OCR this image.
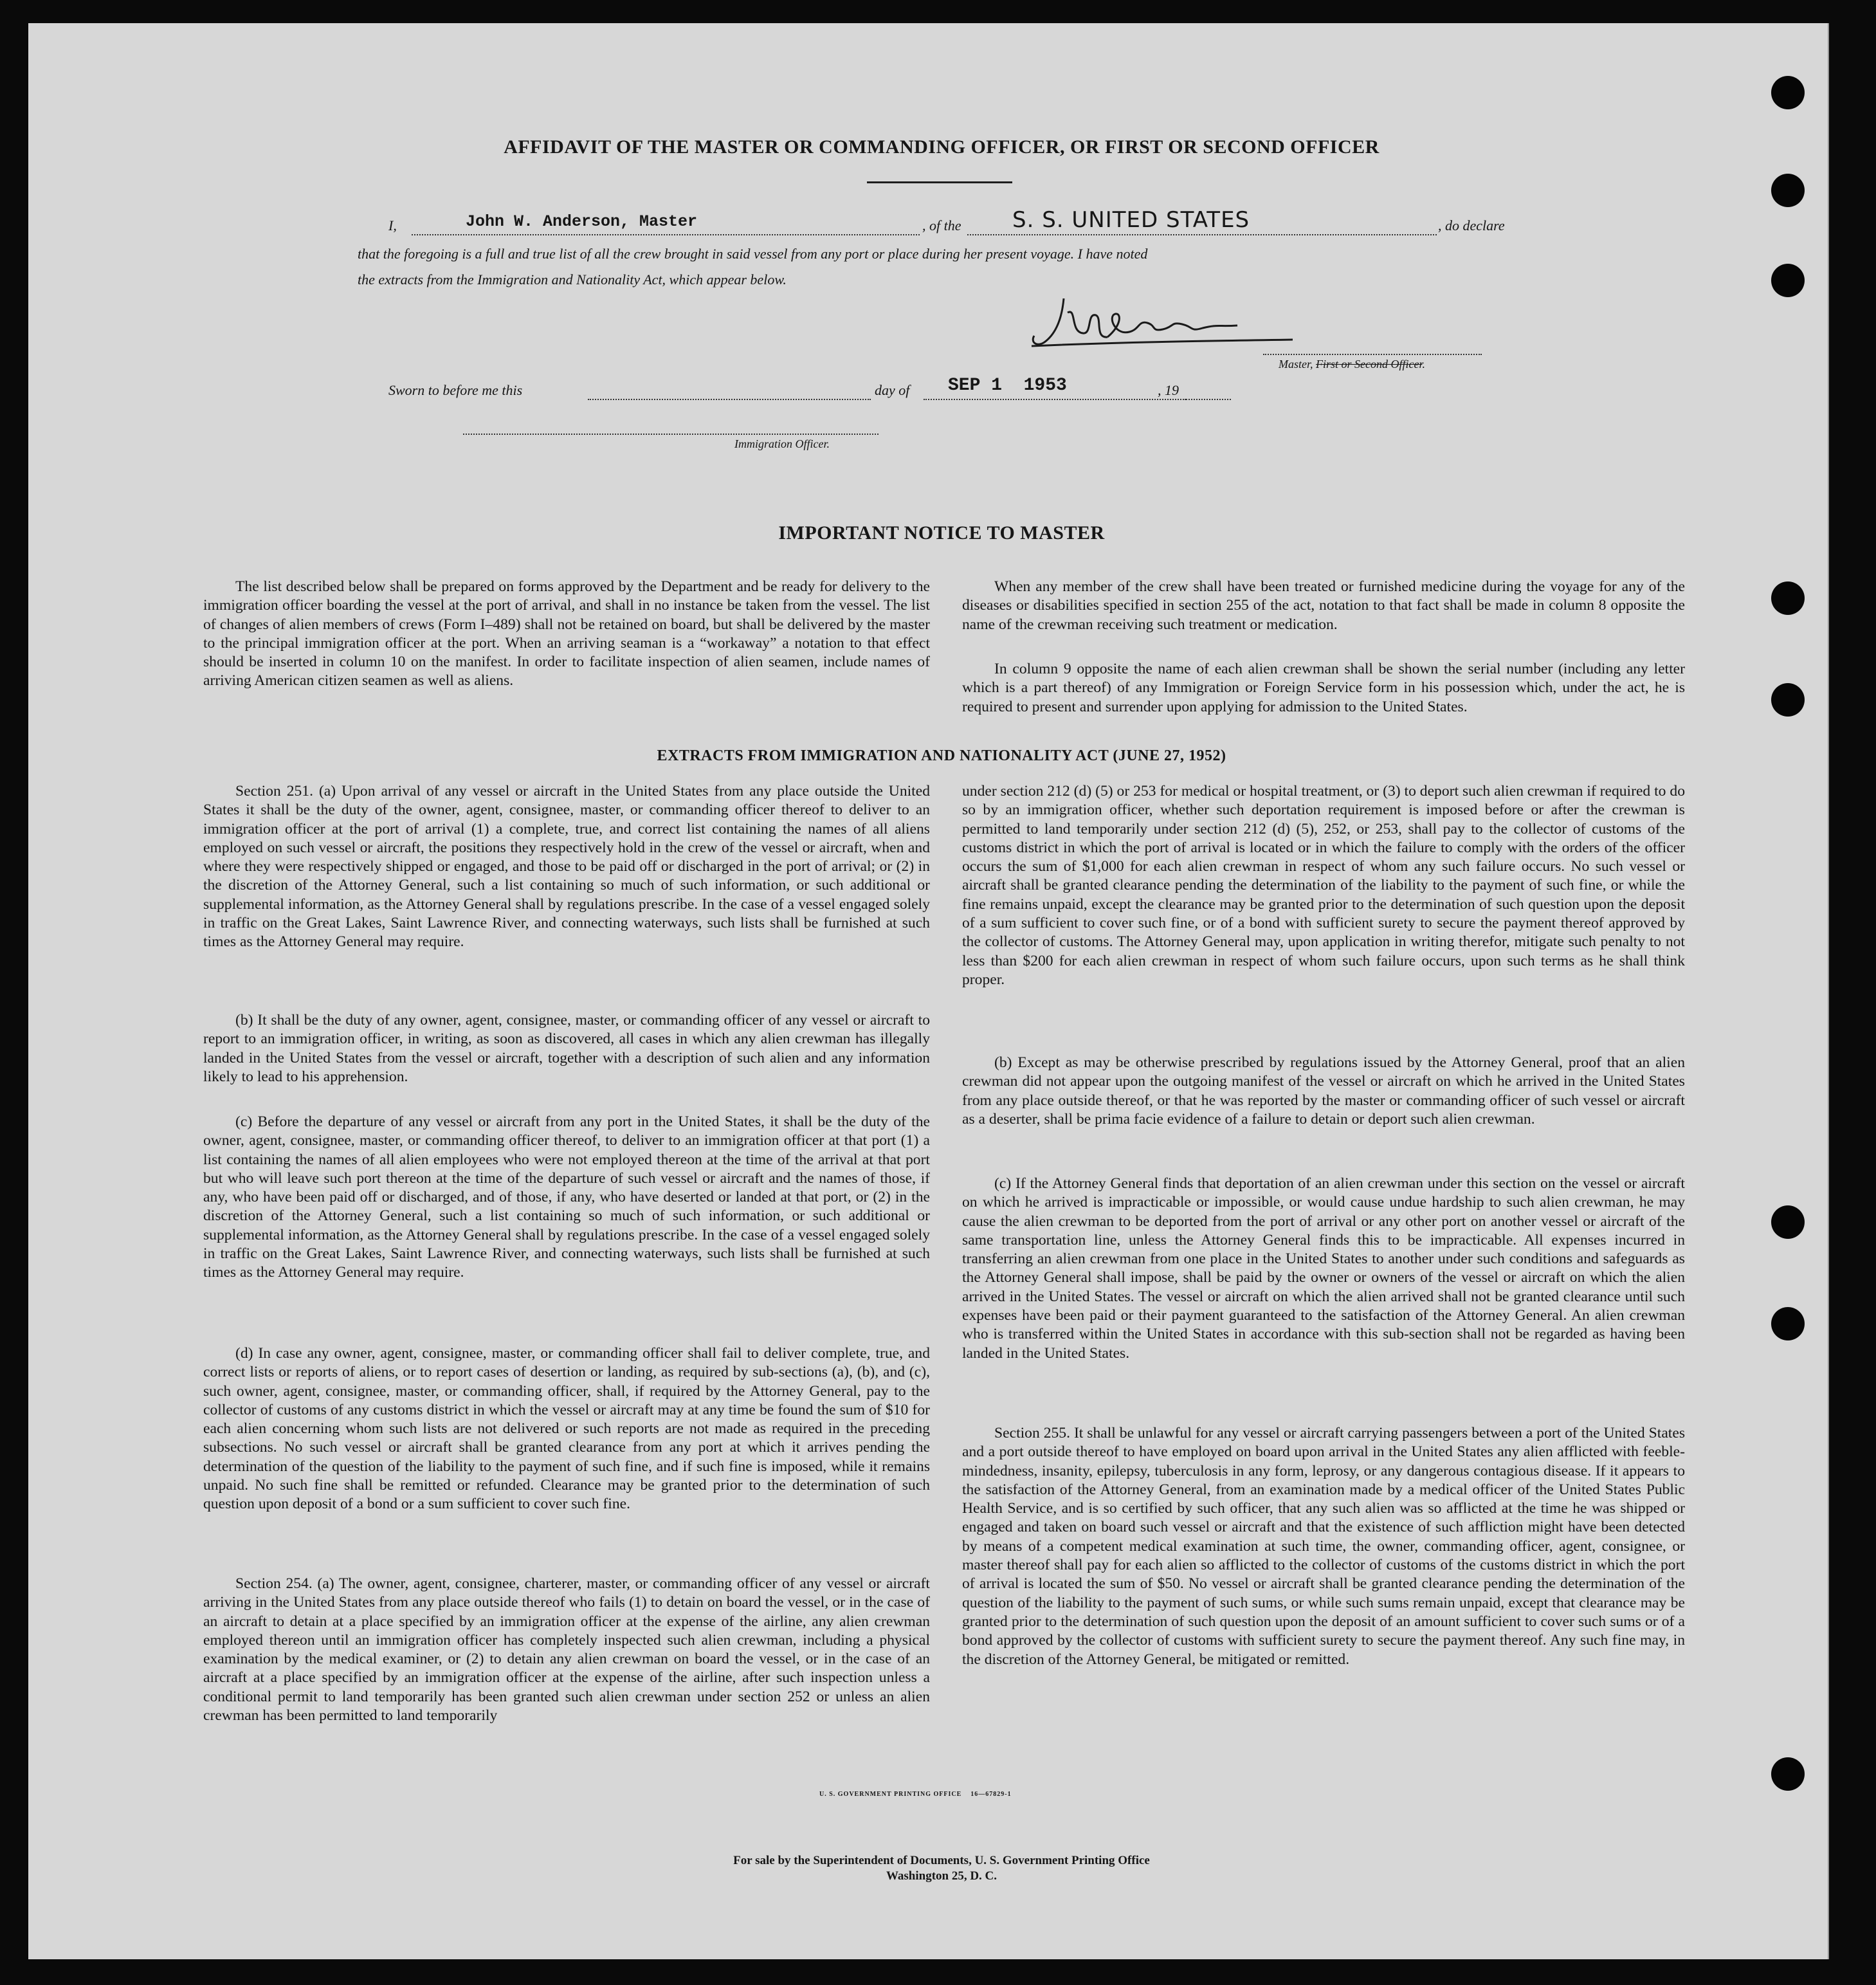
AFFIDAVIT OF THE MASTER OR COMMANDING OFFICER, OR FIRST OR SECOND OFFICER
I,	John W. Anderson, Master	, of the S. S. UNITED STATES	, do declare
that the foregoing is a full and true list of all the crew brought in said vessel from any port or place during her present voyage. I have noted
the extracts from the Immigration and Nationality Act, which appear below.
Master, First or Second Officer.
Sworn to before me this	day of SEP 1  1953	, 19
Immigration Officer.
IMPORTANT NOTICE TO MASTER
The list described below shall be prepared on forms approved by the Department and be ready for delivery to the immigration officer boarding the vessel at the port of arrival, and shall in no instance be taken from the vessel. The list of changes of alien members of crews (Form I–489) shall not be retained on board, but shall be delivered by the master to the principal immigration officer at the port. When an arriving seaman is a “workaway” a notation to that effect should be inserted in column 10 on the manifest. In order to facilitate inspection of alien seamen, include names of arriving American citizen seamen as well as aliens.
When any member of the crew shall have been treated or furnished medicine during the voyage for any of the diseases or disabilities specified in section 255 of the act, notation to that fact shall be made in column 8 opposite the name of the crewman receiving such treatment or medication.
In column 9 opposite the name of each alien crewman shall be shown the serial number (including any letter which is a part thereof) of any Immigration or Foreign Service form in his possession which, under the act, he is required to present and surrender upon applying for admission to the United States.
EXTRACTS FROM IMMIGRATION AND NATIONALITY ACT (JUNE 27, 1952)
Section 251. (a) Upon arrival of any vessel or aircraft in the United States from any place outside the United States it shall be the duty of the owner, agent, consignee, master, or commanding officer thereof to deliver to an immigration officer at the port of arrival (1) a complete, true, and correct list containing the names of all aliens employed on such vessel or aircraft, the positions they respectively hold in the crew of the vessel or aircraft, when and where they were respectively shipped or engaged, and those to be paid off or discharged in the port of arrival; or (2) in the discretion of the Attorney General, such a list containing so much of such information, or such additional or supplemental information, as the Attorney General shall by regulations prescribe. In the case of a vessel engaged solely in traffic on the Great Lakes, Saint Lawrence River, and connecting waterways, such lists shall be furnished at such times as the Attorney General may require.
(b) It shall be the duty of any owner, agent, consignee, master, or commanding officer of any vessel or aircraft to report to an immigration officer, in writing, as soon as discovered, all cases in which any alien crewman has illegally landed in the United States from the vessel or aircraft, together with a description of such alien and any information likely to lead to his apprehension.
(c) Before the departure of any vessel or aircraft from any port in the United States, it shall be the duty of the owner, agent, consignee, master, or commanding officer thereof, to deliver to an immigration officer at that port (1) a list containing the names of all alien employees who were not employed thereon at the time of the arrival at that port but who will leave such port thereon at the time of the departure of such vessel or aircraft and the names of those, if any, who have been paid off or discharged, and of those, if any, who have deserted or landed at that port, or (2) in the discretion of the Attorney General, such a list containing so much of such information, or such additional or supplemental information, as the Attorney General shall by regulations prescribe. In the case of a vessel engaged solely in traffic on the Great Lakes, Saint Lawrence River, and connecting waterways, such lists shall be furnished at such times as the Attorney General may require.
(d) In case any owner, agent, consignee, master, or commanding officer shall fail to deliver complete, true, and correct lists or reports of aliens, or to report cases of desertion or landing, as required by sub-sections (a), (b), and (c), such owner, agent, consignee, master, or commanding officer, shall, if required by the Attorney General, pay to the collector of customs of any customs district in which the vessel or aircraft may at any time be found the sum of $10 for each alien concerning whom such lists are not delivered or such reports are not made as required in the preceding subsections. No such vessel or aircraft shall be granted clearance from any port at which it arrives pending the determination of the question of the liability to the payment of such fine, and if such fine is imposed, while it remains unpaid. No such fine shall be remitted or refunded. Clearance may be granted prior to the determination of such question upon deposit of a bond or a sum sufficient to cover such fine.
Section 254. (a) The owner, agent, consignee, charterer, master, or commanding officer of any vessel or aircraft arriving in the United States from any place outside thereof who fails (1) to detain on board the vessel, or in the case of an aircraft to detain at a place specified by an immigration officer at the expense of the airline, any alien crewman employed thereon until an immigration officer has completely inspected such alien crewman, including a physical examination by the medical examiner, or (2) to detain any alien crewman on board the vessel, or in the case of an aircraft at a place specified by an immigration officer at the expense of the airline, after such inspection unless a conditional permit to land temporarily has been granted such alien crewman under section 252 or unless an alien crewman has been permitted to land temporarily
under section 212 (d) (5) or 253 for medical or hospital treatment, or (3) to deport such alien crewman if required to do so by an immigration officer, whether such deportation requirement is imposed before or after the crewman is permitted to land temporarily under section 212 (d) (5), 252, or 253, shall pay to the collector of customs of the customs district in which the port of arrival is located or in which the failure to comply with the orders of the officer occurs the sum of $1,000 for each alien crewman in respect of whom any such failure occurs. No such vessel or aircraft shall be granted clearance pending the determination of the liability to the payment of such fine, or while the fine remains unpaid, except the clearance may be granted prior to the determination of such question upon the deposit of a sum sufficient to cover such fine, or of a bond with sufficient surety to secure the payment thereof approved by the collector of customs. The Attorney General may, upon application in writing therefor, mitigate such penalty to not less than $200 for each alien crewman in respect of whom such failure occurs, upon such terms as he shall think proper.
(b) Except as may be otherwise prescribed by regulations issued by the Attorney General, proof that an alien crewman did not appear upon the outgoing manifest of the vessel or aircraft on which he arrived in the United States from any place outside thereof, or that he was reported by the master or commanding officer of such vessel or aircraft as a deserter, shall be prima facie evidence of a failure to detain or deport such alien crewman.
(c) If the Attorney General finds that deportation of an alien crewman under this section on the vessel or aircraft on which he arrived is impracticable or impossible, or would cause undue hardship to such alien crewman, he may cause the alien crewman to be deported from the port of arrival or any other port on another vessel or aircraft of the same transportation line, unless the Attorney General finds this to be impracticable. All expenses incurred in transferring an alien crewman from one place in the United States to another under such conditions and safeguards as the Attorney General shall impose, shall be paid by the owner or owners of the vessel or aircraft on which the alien arrived in the United States. The vessel or aircraft on which the alien arrived shall not be granted clearance until such expenses have been paid or their payment guaranteed to the satisfaction of the Attorney General. An alien crewman who is transferred within the United States in accordance with this sub-section shall not be regarded as having been landed in the United States.
Section 255. It shall be unlawful for any vessel or aircraft carrying passengers between a port of the United States and a port outside thereof to have employed on board upon arrival in the United States any alien afflicted with feeble-mindedness, insanity, epilepsy, tuberculosis in any form, leprosy, or any dangerous contagious disease. If it appears to the satisfaction of the Attorney General, from an examination made by a medical officer of the United States Public Health Service, and is so certified by such officer, that any such alien was so afflicted at the time he was shipped or engaged and taken on board such vessel or aircraft and that the existence of such affliction might have been detected by means of a competent medical examination at such time, the owner, commanding officer, agent, consignee, or master thereof shall pay for each alien so afflicted to the collector of customs of the customs district in which the port of arrival is located the sum of $50. No vessel or aircraft shall be granted clearance pending the determination of the question of the liability to the payment of such sums, or while such sums remain unpaid, except that clearance may be granted prior to the determination of such question upon the deposit of an amount sufficient to cover such sums or of a bond approved by the collector of customs with sufficient surety to secure the payment thereof. Any such fine may, in the discretion of the Attorney General, be mitigated or remitted.
U. S. GOVERNMENT PRINTING OFFICE    16—67829-1
For sale by the Superintendent of Documents, U. S. Government Printing Office
Washington 25, D. C.
